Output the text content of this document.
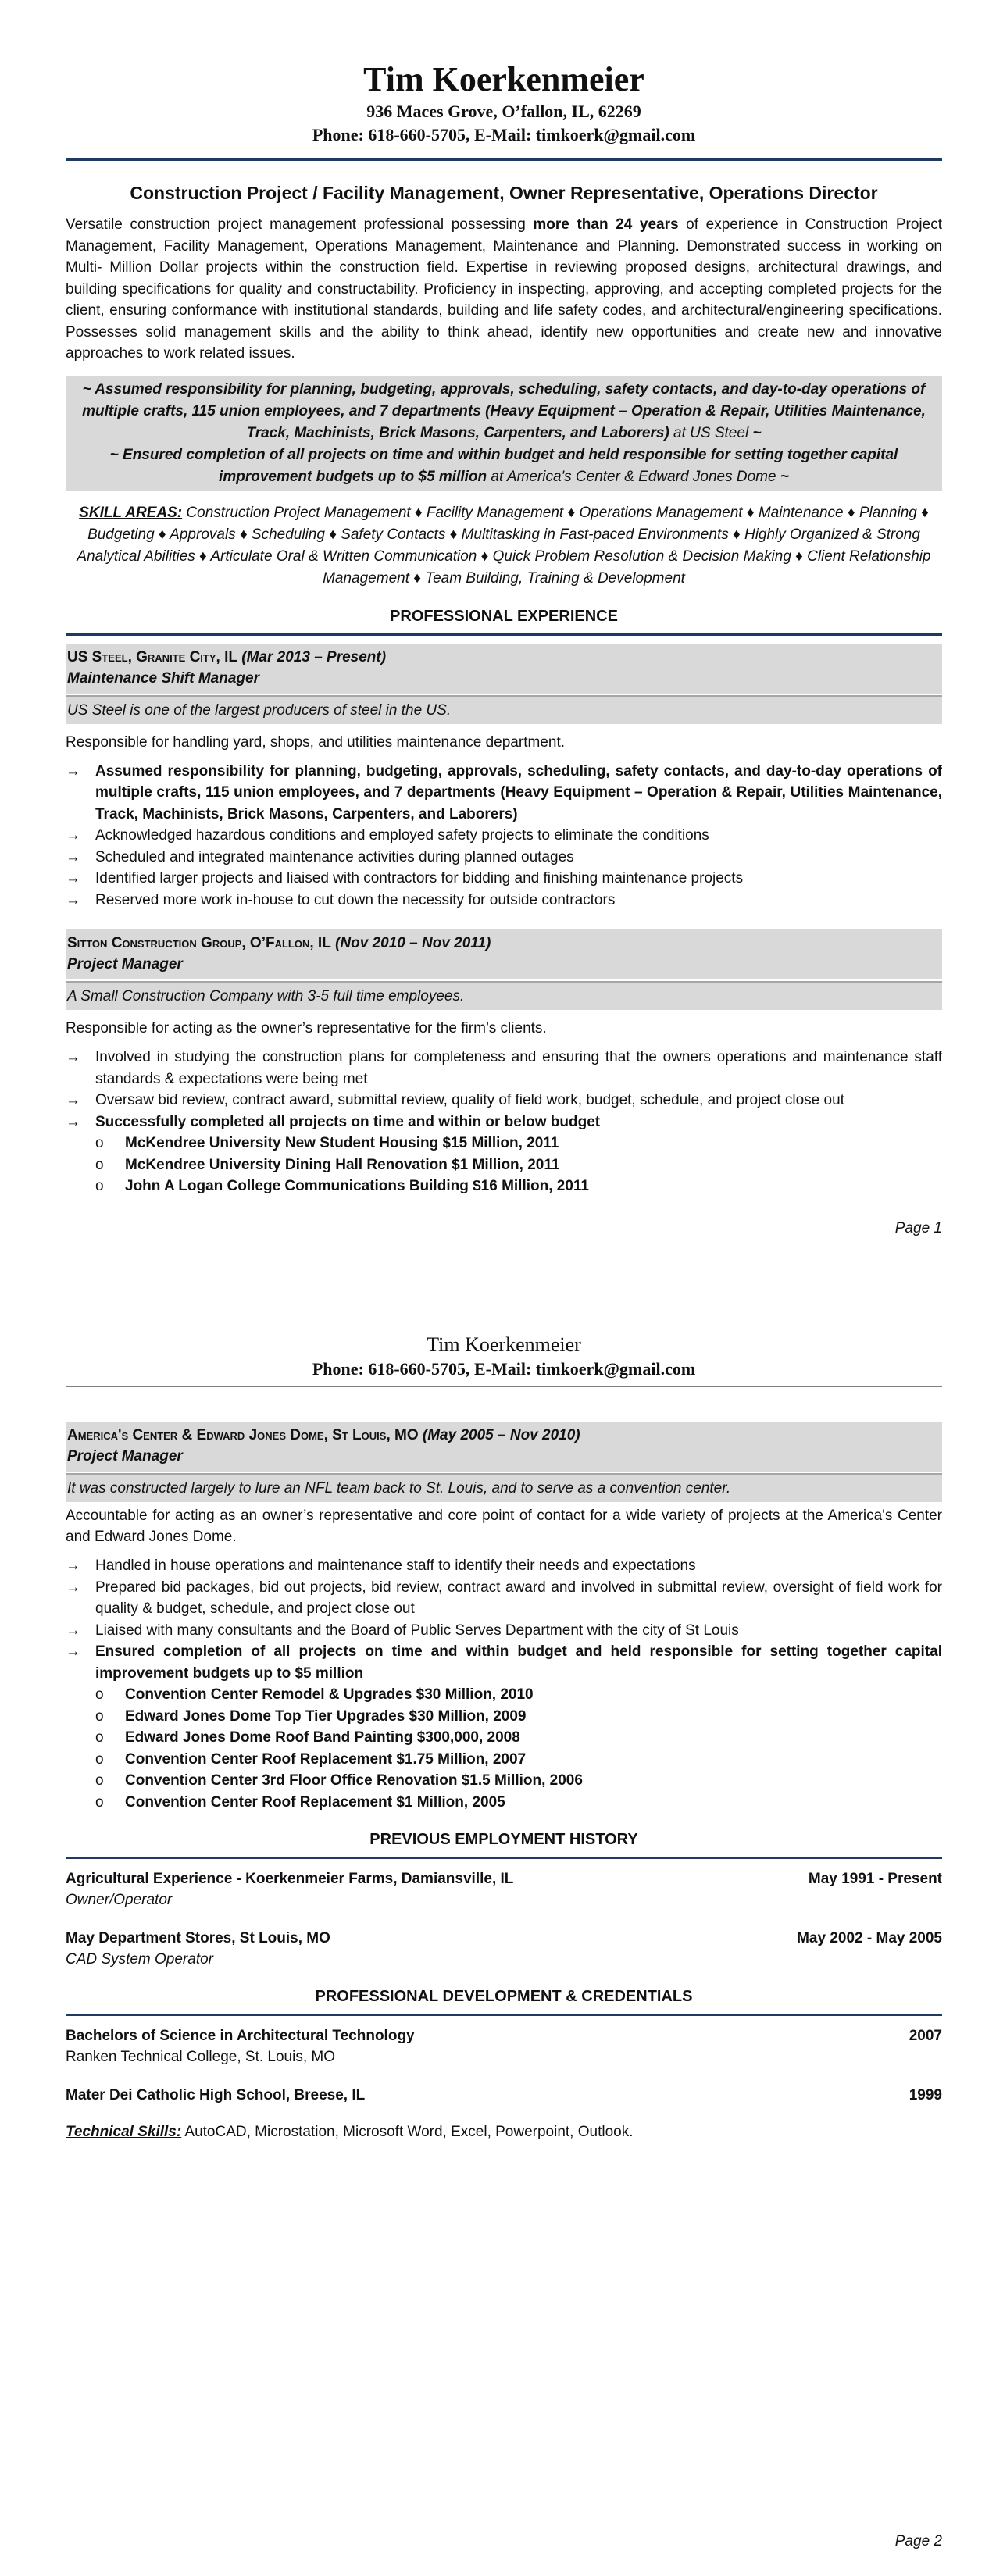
Tim Koerkenmeier
936 Maces Grove, O’fallon, IL, 62269
Phone: 618-660-5705, E-Mail: timkoerk@gmail.com
Construction Project / Facility Management, Owner Representative, Operations Director
Versatile construction project management professional possessing more than 24 years of experience in Construction Project Management, Facility Management, Operations Management, Maintenance and Planning. Demonstrated success in working on Multi- Million Dollar projects within the construction field. Expertise in reviewing proposed designs, architectural drawings, and building specifications for quality and constructability. Proficiency in inspecting, approving, and accepting completed projects for the client, ensuring conformance with institutional standards, building and life safety codes, and architectural/engineering specifications. Possesses solid management skills and the ability to think ahead, identify new opportunities and create new and innovative approaches to work related issues.
~ Assumed responsibility for planning, budgeting, approvals, scheduling, safety contacts, and day-to-day operations of multiple crafts, 115 union employees, and 7 departments (Heavy Equipment – Operation & Repair, Utilities Maintenance, Track, Machinists, Brick Masons, Carpenters, and Laborers) at US Steel ~
~ Ensured completion of all projects on time and within budget and held responsible for setting together capital improvement budgets up to $5 million at America's Center & Edward Jones Dome ~
SKILL AREAS: Construction Project Management ♦ Facility Management ♦ Operations Management ♦ Maintenance ♦ Planning ♦ Budgeting ♦ Approvals ♦ Scheduling ♦ Safety Contacts ♦ Multitasking in Fast-paced Environments ♦ Highly Organized & Strong Analytical Abilities ♦ Articulate Oral & Written Communication ♦ Quick Problem Resolution & Decision Making ♦ Client Relationship Management ♦ Team Building, Training & Development
PROFESSIONAL EXPERIENCE
US Steel, Granite City, IL (Mar 2013 – Present)
Maintenance Shift Manager
US Steel is one of the largest producers of steel in the US.
Responsible for handling yard, shops, and utilities maintenance department.
→ Assumed responsibility for planning, budgeting, approvals, scheduling, safety contacts, and day-to-day operations of multiple crafts, 115 union employees, and 7 departments (Heavy Equipment – Operation & Repair, Utilities Maintenance, Track, Machinists, Brick Masons, Carpenters, and Laborers)
→ Acknowledged hazardous conditions and employed safety projects to eliminate the conditions
→ Scheduled and integrated maintenance activities during planned outages
→ Identified larger projects and liaised with contractors for bidding and finishing maintenance projects
→ Reserved more work in-house to cut down the necessity for outside contractors
Sitton Construction Group, O’Fallon, IL (Nov 2010 – Nov 2011)
Project Manager
A Small Construction Company with 3-5 full time employees.
Responsible for acting as the owner’s representative for the firm’s clients.
→ Involved in studying the construction plans for completeness and ensuring that the owners operations and maintenance staff standards & expectations were being met
→ Oversaw bid review, contract award, submittal review, quality of field work, budget, schedule, and project close out
→ Successfully completed all projects on time and within or below budget
o McKendree University New Student Housing $15 Million, 2011
o McKendree University Dining Hall Renovation $1 Million, 2011
o John A Logan College Communications Building $16 Million, 2011
Page 1
Tim Koerkenmeier
Phone: 618-660-5705, E-Mail: timkoerk@gmail.com
America's Center & Edward Jones Dome, St Louis, MO (May 2005 – Nov 2010)
Project Manager
It was constructed largely to lure an NFL team back to St. Louis, and to serve as a convention center.
Accountable for acting as an owner’s representative and core point of contact for a wide variety of projects at the America's Center and Edward Jones Dome.
→ Handled in house operations and maintenance staff to identify their needs and expectations
→ Prepared bid packages, bid out projects, bid review, contract award and involved in submittal review, oversight of field work for quality & budget, schedule, and project close out
→ Liaised with many consultants and the Board of Public Serves Department with the city of St Louis
→ Ensured completion of all projects on time and within budget and held responsible for setting together capital improvement budgets up to $5 million
o Convention Center Remodel & Upgrades $30 Million, 2010
o Edward Jones Dome Top Tier Upgrades $30 Million, 2009
o Edward Jones Dome Roof Band Painting $300,000, 2008
o Convention Center Roof Replacement $1.75 Million, 2007
o Convention Center 3rd Floor Office Renovation $1.5 Million, 2006
o Convention Center Roof Replacement $1 Million, 2005
PREVIOUS EMPLOYMENT HISTORY
Agricultural Experience - Koerkenmeier Farms, Damiansville, IL	May 1991 - Present
Owner/Operator
May Department Stores, St Louis, MO	May 2002 - May 2005
CAD System Operator
PROFESSIONAL DEVELOPMENT & CREDENTIALS
Bachelors of Science in Architectural Technology	2007
Ranken Technical College, St. Louis, MO
Mater Dei Catholic High School, Breese, IL	1999
Technical Skills: AutoCAD, Microstation, Microsoft Word, Excel, Powerpoint, Outlook.
Page 2
